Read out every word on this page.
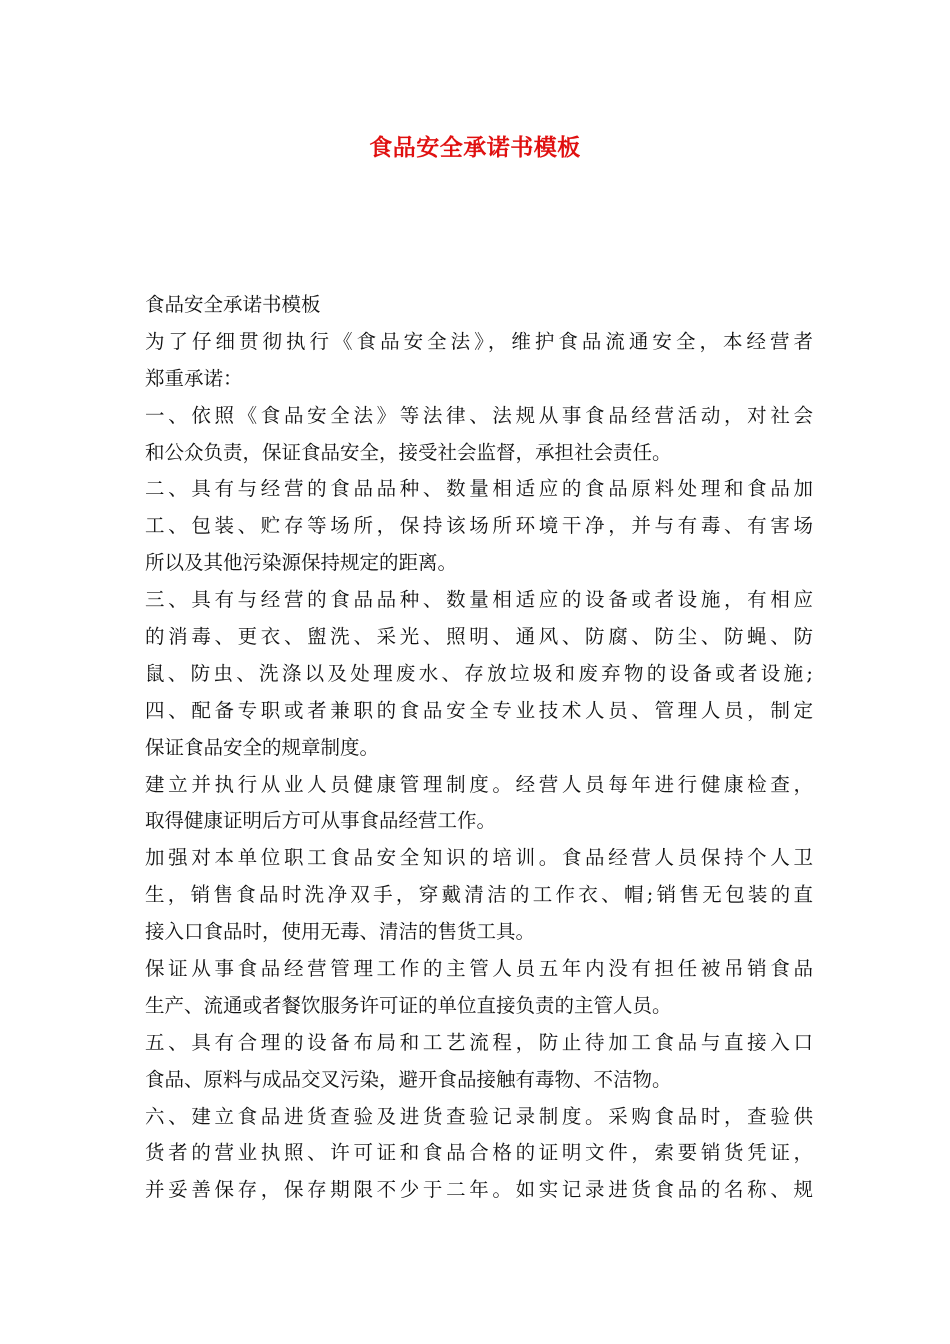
食品安全承诺书模板
食品安全承诺书模板
为了仔细贯彻执行《食品安全法》，维护食品流通安全，本经营者
郑重承诺：
一、依照《食品安全法》等法律、法规从事食品经营活动，对社会
和公众负责，保证食品安全，接受社会监督，承担社会责任。
二、具有与经营的食品品种、数量相适应的食品原料处理和食品加
工、包装、贮存等场所，保持该场所环境干净，并与有毒、有害场
所以及其他污染源保持规定的距离。
三、具有与经营的食品品种、数量相适应的设备或者设施，有相应
的消毒、更衣、盥洗、采光、照明、通风、防腐、防尘、防蝇、防
鼠、防虫、洗涤以及处理废水、存放垃圾和废弃物的设备或者设施;
四、配备专职或者兼职的食品安全专业技术人员、管理人员，制定
保证食品安全的规章制度。
建立并执行从业人员健康管理制度。经营人员每年进行健康检查，
取得健康证明后方可从事食品经营工作。
加强对本单位职工食品安全知识的培训。食品经营人员保持个人卫
生，销售食品时洗净双手，穿戴清洁的工作衣、帽;销售无包装的直
接入口食品时，使用无毒、清洁的售货工具。
保证从事食品经营管理工作的主管人员五年内没有担任被吊销食品
生产、流通或者餐饮服务许可证的单位直接负责的主管人员。
五、具有合理的设备布局和工艺流程，防止待加工食品与直接入口
食品、原料与成品交叉污染，避开食品接触有毒物、不洁物。
六、建立食品进货查验及进货查验记录制度。采购食品时，查验供
货者的营业执照、许可证和食品合格的证明文件，索要销货凭证，
并妥善保存，保存期限不少于二年。如实记录进货食品的名称、规
